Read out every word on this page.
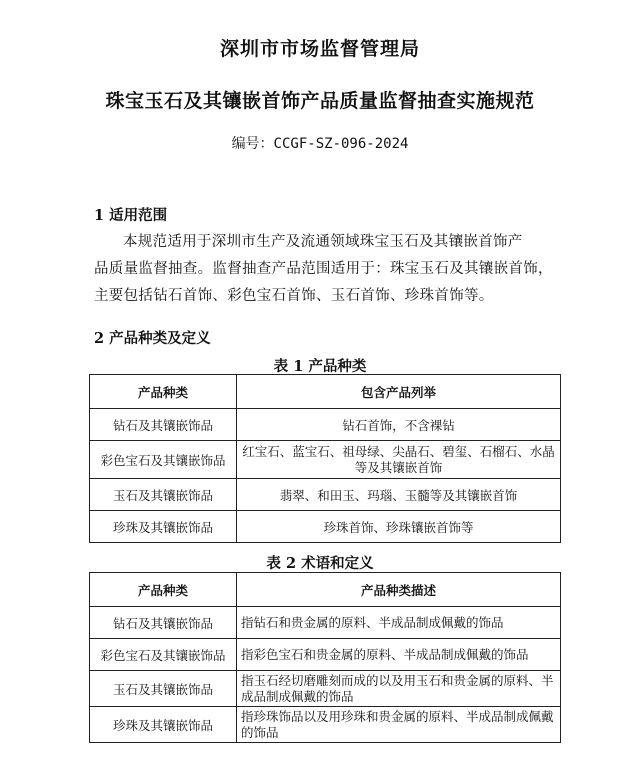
深圳市市场监督管理局
珠宝玉石及其镶嵌首饰产品质量监督抽查实施规范
编号：CCGF-SZ-096-2024
1 适用范围
本规范适用于深圳市生产及流通领域珠宝玉石及其镶嵌首饰产
品质量监督抽查。监督抽查产品范围适用于：珠宝玉石及其镶嵌首饰，
主要包括钻石首饰、彩色宝石首饰、玉石首饰、珍珠首饰等。
2 产品种类及定义
表 1 产品种类
产品种类	包含产品列举
钻石及其镶嵌饰品	钻石首饰，不含裸钻
彩色宝石及其镶嵌饰品	红宝石、蓝宝石、祖母绿、尖晶石、碧玺、石榴石、水晶等及其镶嵌首饰
玉石及其镶嵌饰品	翡翠、和田玉、玛瑙、玉髓等及其镶嵌首饰
珍珠及其镶嵌饰品	珍珠首饰、珍珠镶嵌首饰等
表 2 术语和定义
产品种类	产品种类描述
钻石及其镶嵌饰品	指钻石和贵金属的原料、半成品制成佩戴的饰品
彩色宝石及其镶嵌饰品	指彩色宝石和贵金属的原料、半成品制成佩戴的饰品
玉石及其镶嵌饰品	指玉石经切磨雕刻而成的以及用玉石和贵金属的原料、半成品制成佩戴的饰品
珍珠及其镶嵌饰品	指珍珠饰品以及用珍珠和贵金属的原料、半成品制成佩戴的饰品
